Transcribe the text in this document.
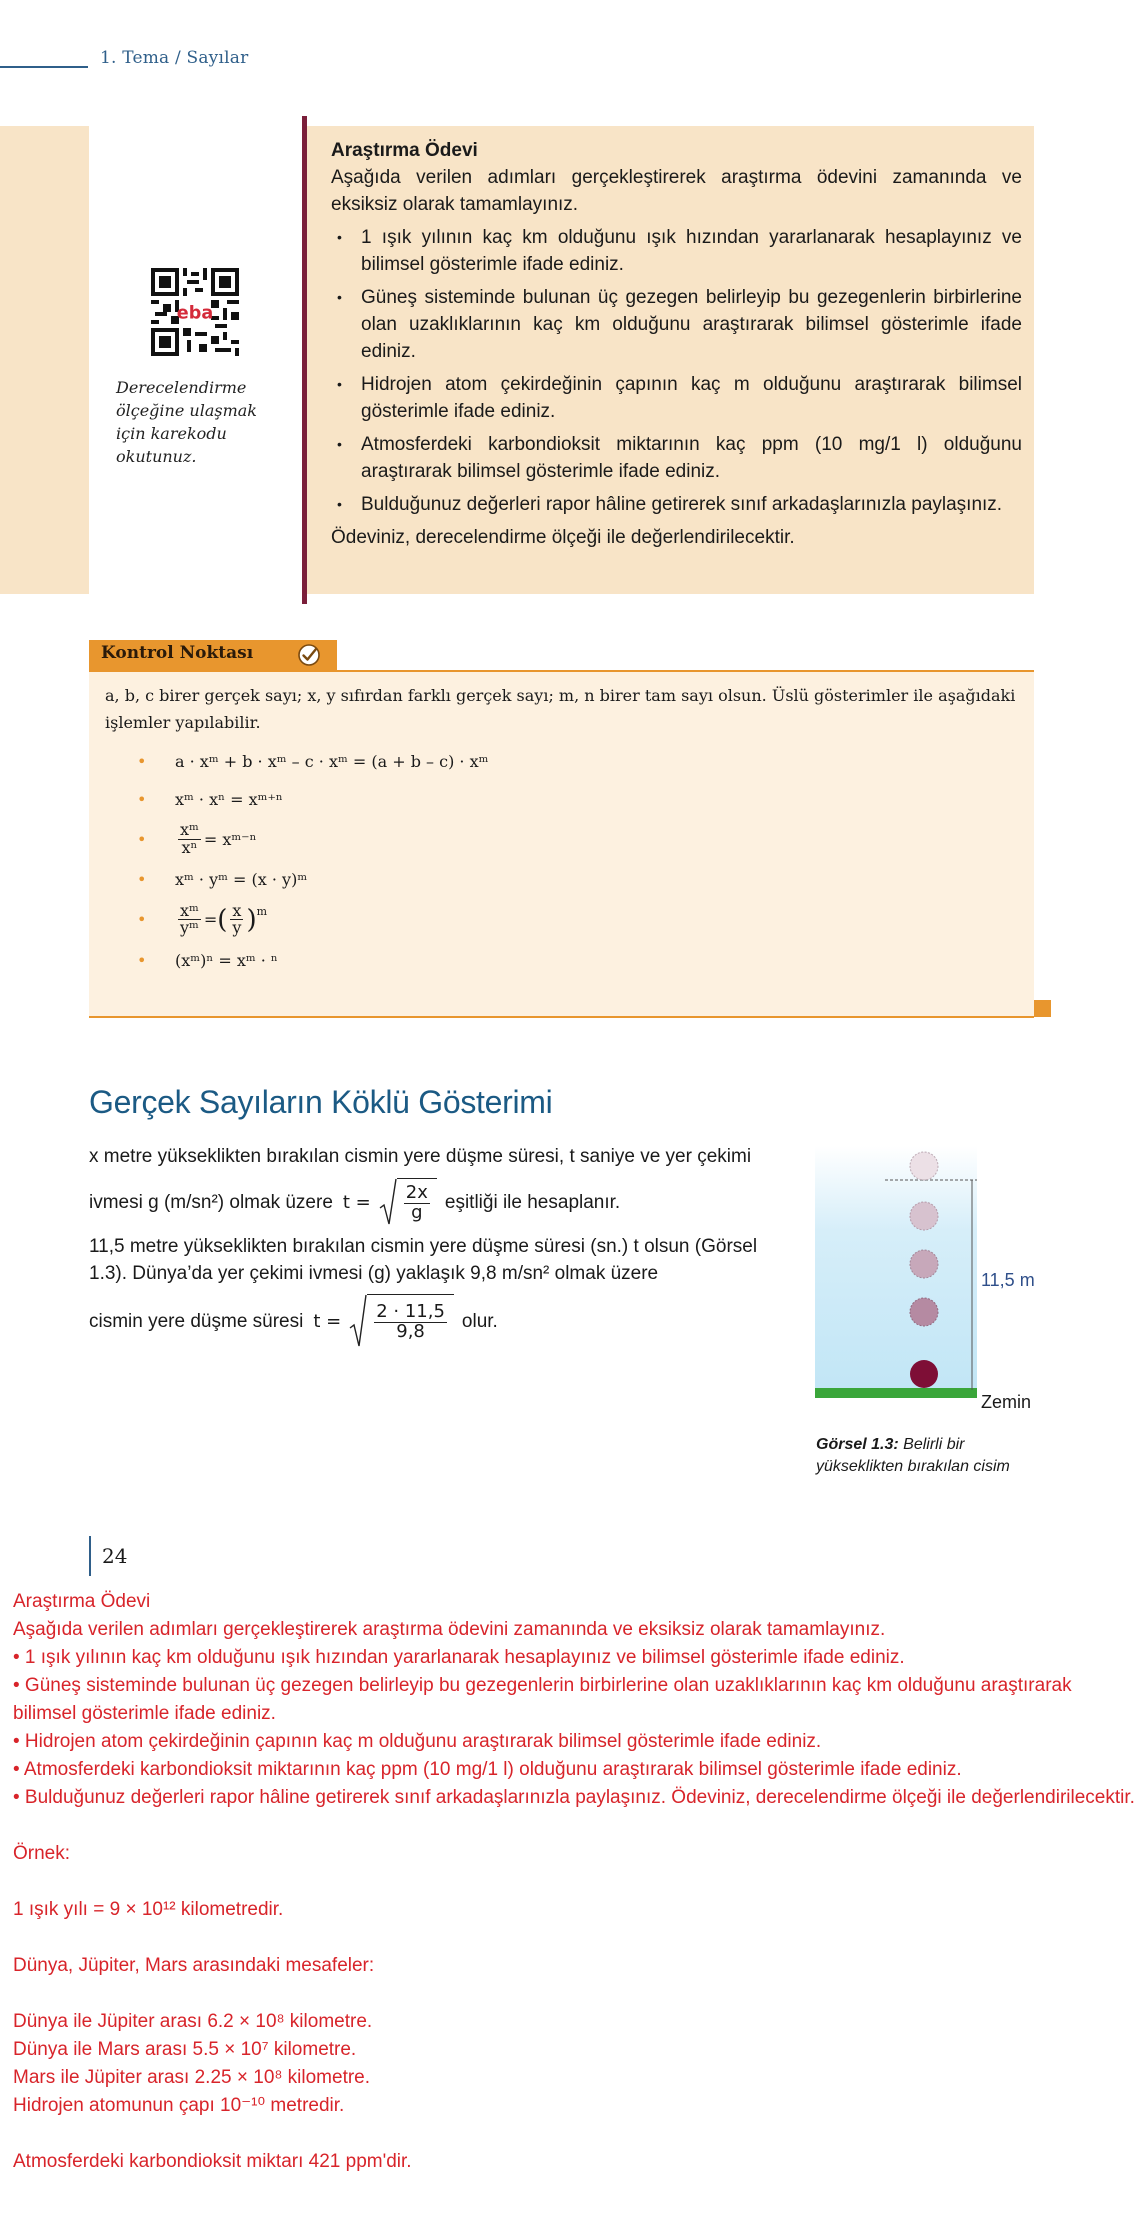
1. Tema / Sayılar
eba
Derecelendirme ölçeğine ulaşmak için karekodu okutunuz.
Araştırma Ödevi
Aşağıda verilen adımları gerçekleştirerek araştırma ödevini zamanında ve eksiksiz olarak tamamlayınız.
• 1 ışık yılının kaç km olduğunu ışık hızından yararlanarak hesaplayınız ve bilimsel gösterimle ifade ediniz.
• Güneş sisteminde bulunan üç gezegen belirleyip bu gezegenlerin birbirlerine olan uzaklıklarının kaç km olduğunu araştırarak bilimsel gösterimle ifade ediniz.
• Hidrojen atom çekirdeğinin çapının kaç m olduğunu araştırarak bilimsel gösterimle ifade ediniz.
• Atmosferdeki karbondioksit miktarının kaç ppm (10 mg/1 l) olduğunu araştırarak bilimsel gösterimle ifade ediniz.
• Bulduğunuz değerleri rapor hâline getirerek sınıf arkadaşlarınızla paylaşınız.
Ödeviniz, derecelendirme ölçeği ile değerlendirilecektir.
Kontrol Noktası
a, b, c birer gerçek sayı; x, y sıfırdan farklı gerçek sayı; m, n birer tam sayı olsun. Üslü gösterimler ile aşağıdaki işlemler yapılabilir.
• a · xᵐ + b · xᵐ – c · xᵐ = (a + b – c) · xᵐ
• xᵐ · xⁿ = xᵐ⁺ⁿ
• $\frac{\text{xᵐ}}{\text{xⁿ}}$ = xᵐ⁻ⁿ
• xᵐ · yᵐ = (x · y)ᵐ
• $\frac{\text{xᵐ}}{\text{yᵐ}}$ = ( $\frac{x}{y} )^m$
• (xᵐ)ⁿ = xᵐ · ⁿ
Gerçek Sayıların Köklü Gösterimi
x metre yükseklikten bırakılan cismin yere düşme süresi, t saniye ve yer çekimi
ivmesi g (m/sn²) olmak üzere $t = \frac{2x}{g}$ eşitliği ile hesaplanır.
11,5 metre yükseklikten bırakılan cismin yere düşme süresi (sn.) t olsun (Görsel 1.3). Dünya’da yer çekimi ivmesi (g) yaklaşık 9,8 m/sn² olmak üzere
cismin yere düşme süresi $t = \frac{2 \cdot 11,5}{9,8}$ olur.
11,5 m
Zemin
Görsel 1.3: Belirli bir yükseklikten bırakılan cisim
24
Araştırma Ödevi
Aşağıda verilen adımları gerçekleştirerek araştırma ödevini zamanında ve eksiksiz olarak tamamlayınız.
• 1 ışık yılının kaç km olduğunu ışık hızından yararlanarak hesaplayınız ve bilimsel gösterimle ifade ediniz.
• Güneş sisteminde bulunan üç gezegen belirleyip bu gezegenlerin birbirlerine olan uzaklıklarının kaç km olduğunu araştırarak bilimsel gösterimle ifade ediniz.
• Hidrojen atom çekirdeğinin çapının kaç m olduğunu araştırarak bilimsel gösterimle ifade ediniz.
• Atmosferdeki karbondioksit miktarının kaç ppm (10 mg/1 l) olduğunu araştırarak bilimsel gösterimle ifade ediniz.
• Bulduğunuz değerleri rapor hâline getirerek sınıf arkadaşlarınızla paylaşınız. Ödeviniz, derecelendirme ölçeği ile değerlendirilecektir.

Örnek:

1 ışık yılı = 9 × 10¹² kilometredir.

Dünya, Jüpiter, Mars arasındaki mesafeler:

Dünya ile Jüpiter arası 6.2 × 10⁸ kilometre.
Dünya ile Mars arası 5.5 × 10⁷ kilometre.
Mars ile Jüpiter arası 2.25 × 10⁸ kilometre.
Hidrojen atomunun çapı 10⁻¹⁰ metredir.

Atmosferdeki karbondioksit miktarı 421 ppm'dir.
